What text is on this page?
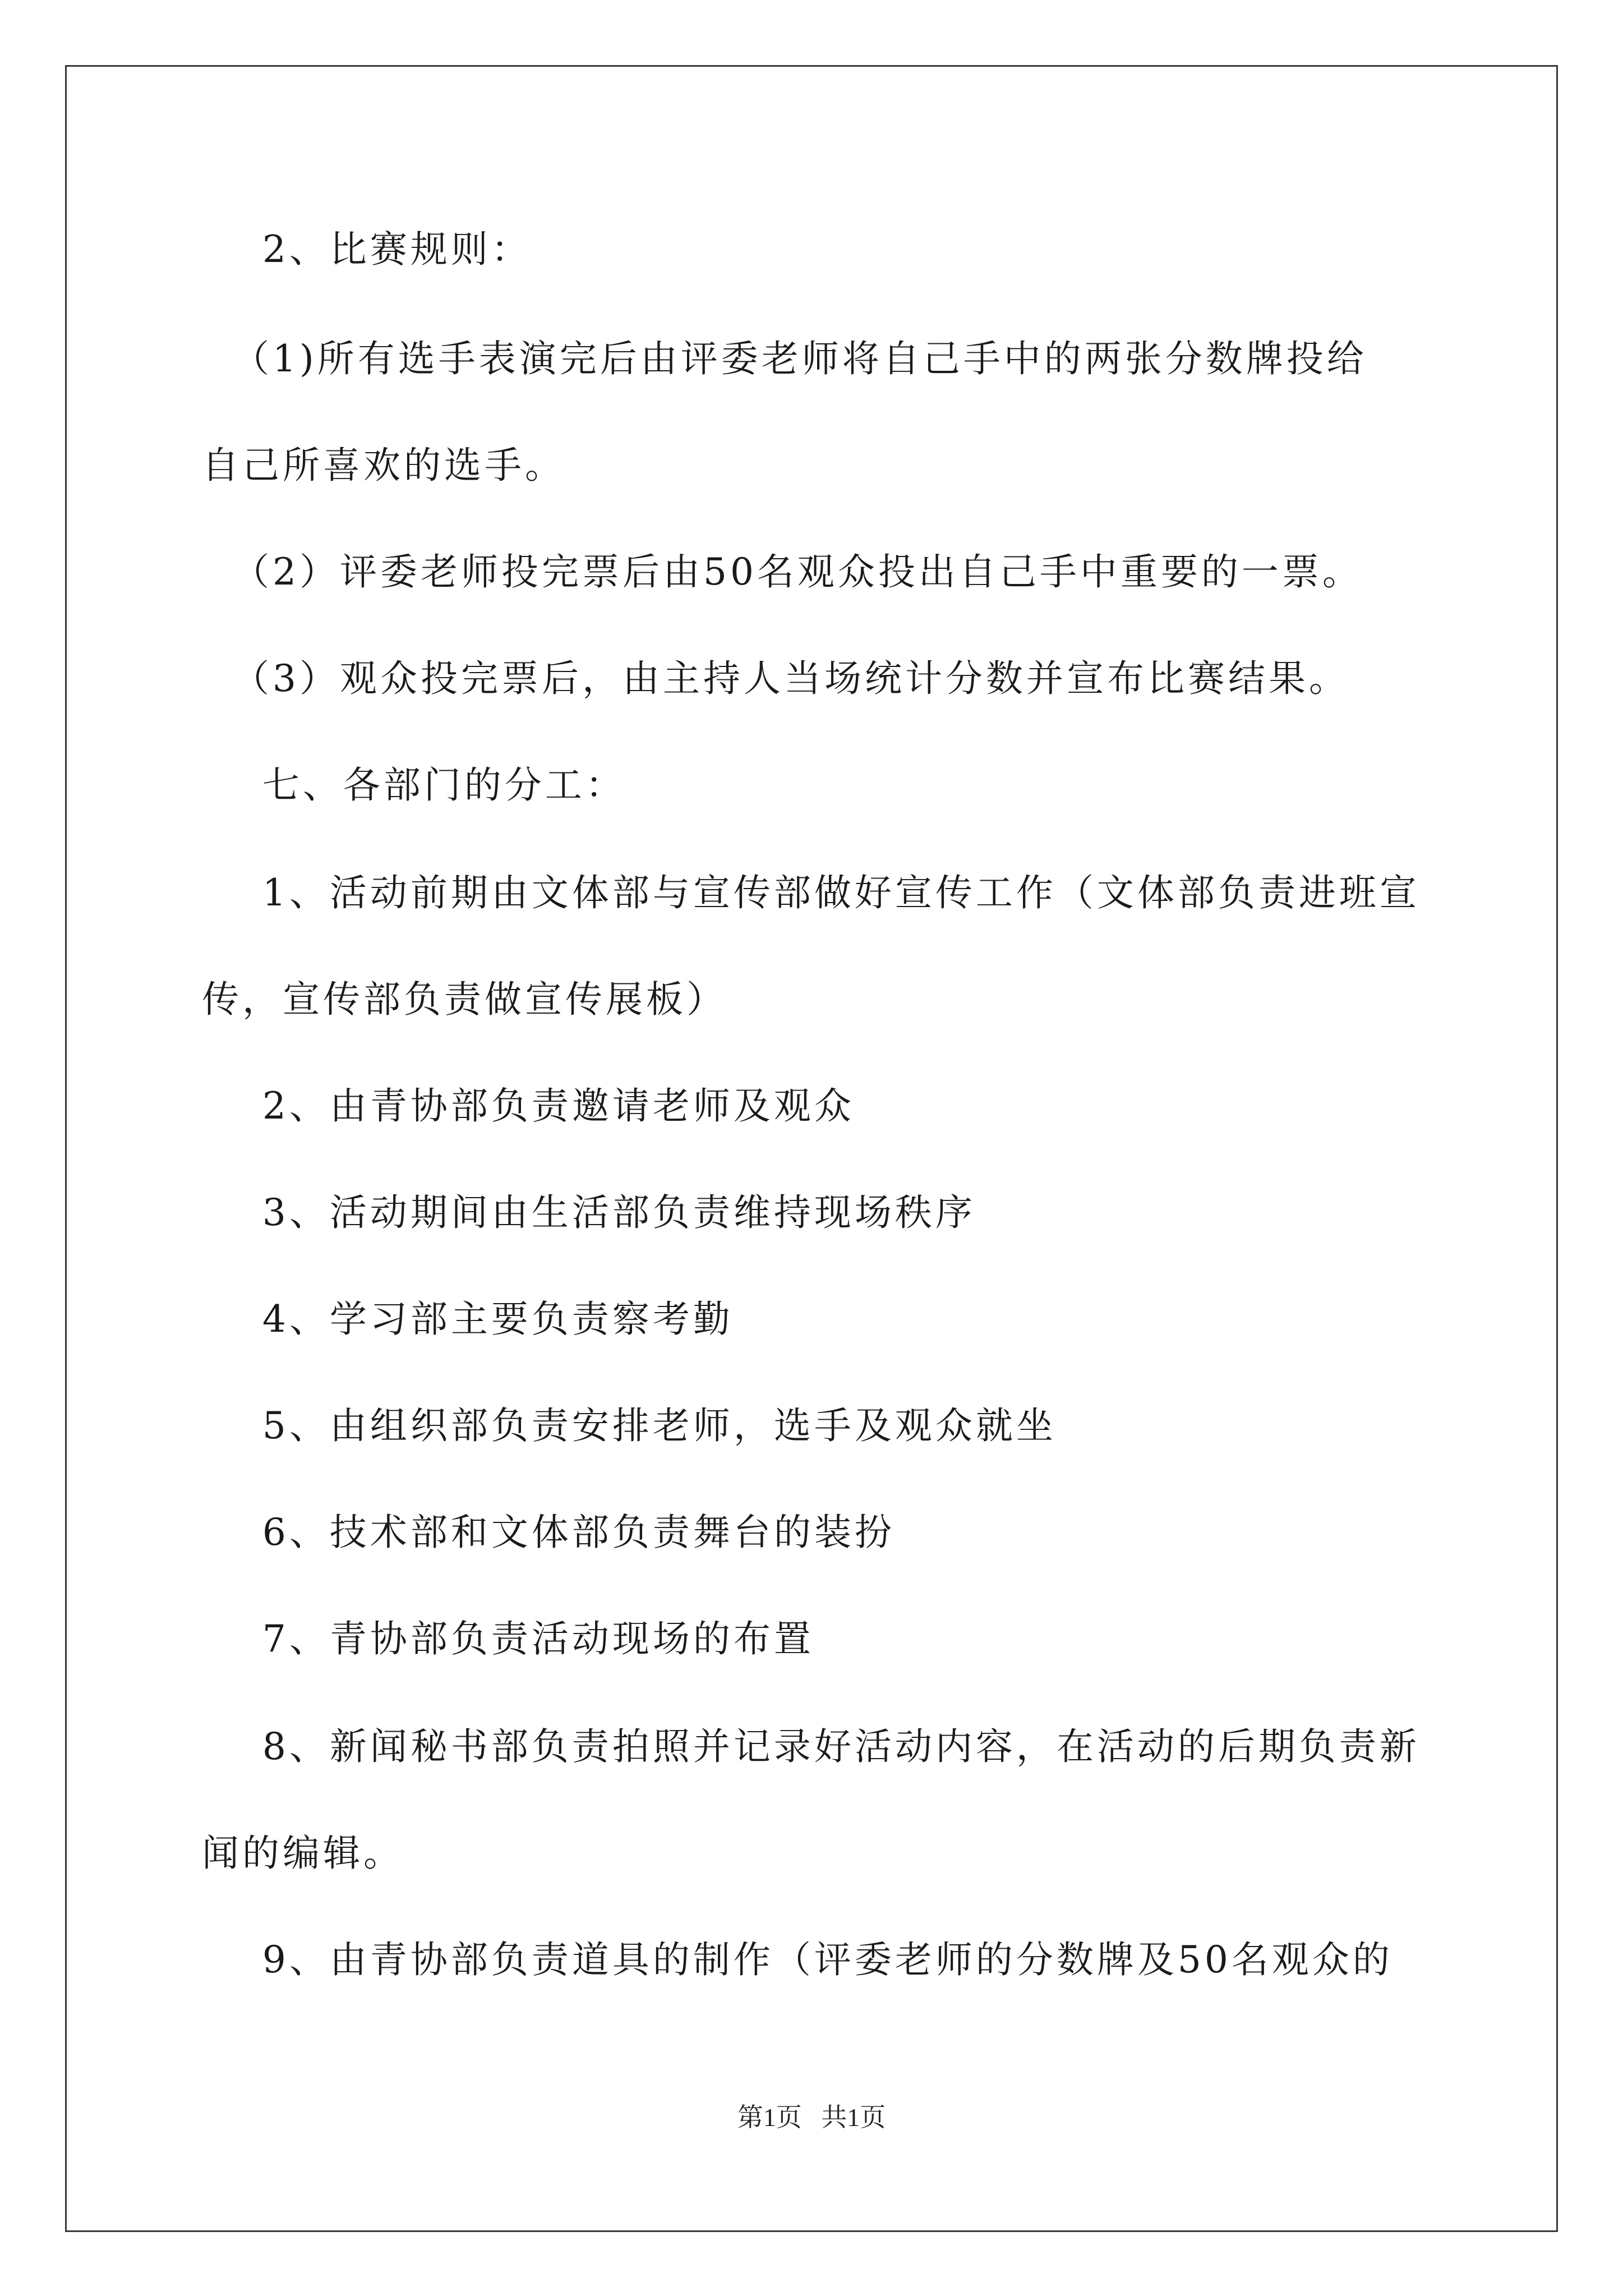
2、比赛规则：
（1)所有选手表演完后由评委老师将自己手中的两张分数牌投给
自己所喜欢的选手。
（2）评委老师投完票后由50名观众投出自己手中重要的一票。
（3）观众投完票后，由主持人当场统计分数并宣布比赛结果。
七、各部门的分工：
1、活动前期由文体部与宣传部做好宣传工作（文体部负责进班宣
传，宣传部负责做宣传展板）
2、由青协部负责邀请老师及观众
3、活动期间由生活部负责维持现场秩序
4、学习部主要负责察考勤
5、由组织部负责安排老师，选手及观众就坐
6、技术部和文体部负责舞台的装扮
7、青协部负责活动现场的布置
8、新闻秘书部负责拍照并记录好活动内容，在活动的后期负责新
闻的编辑。
9、由青协部负责道具的制作（评委老师的分数牌及50名观众的
第1页   共1页
